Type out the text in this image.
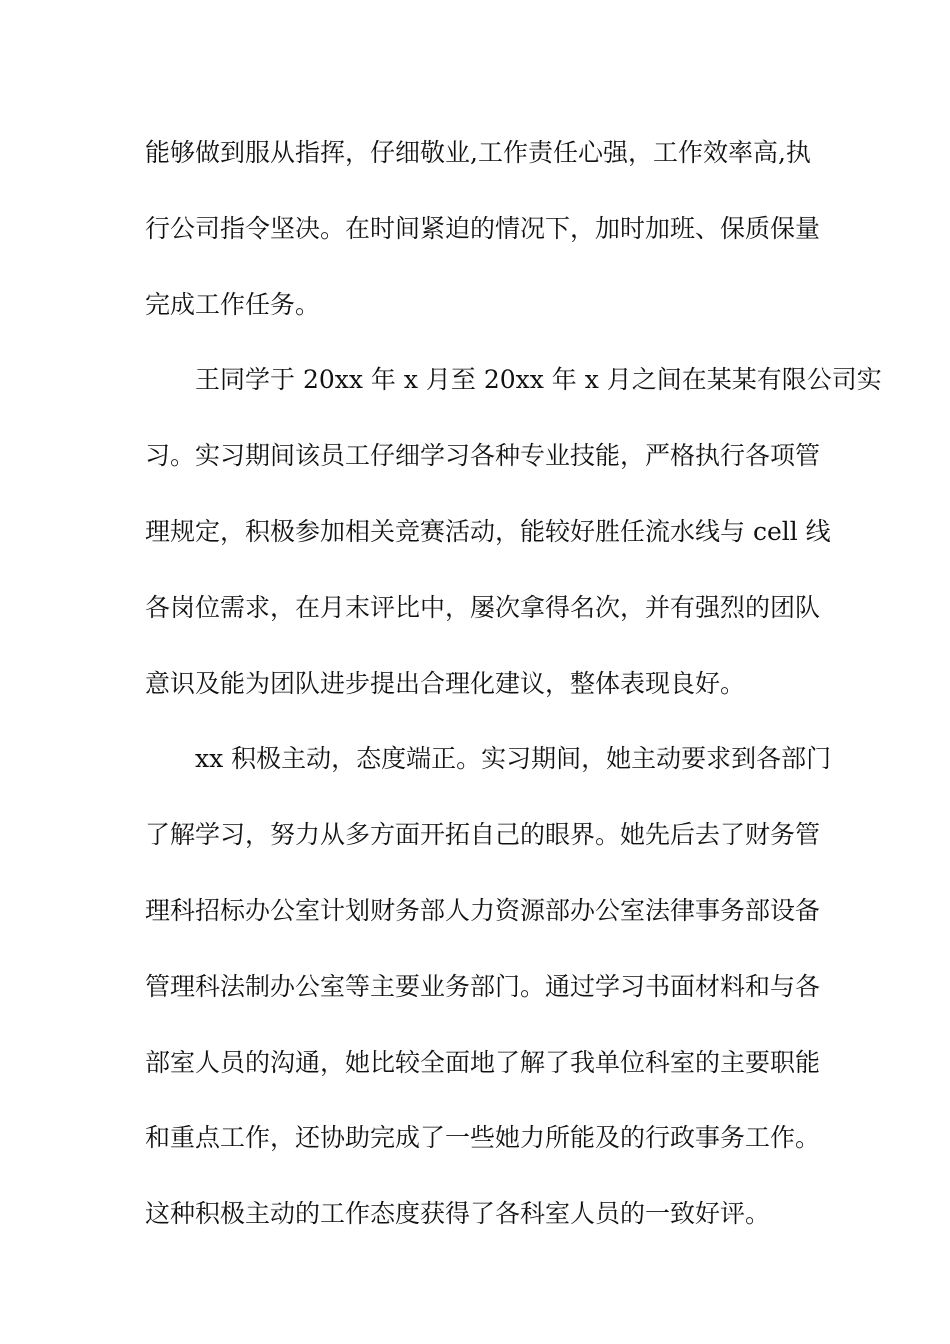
能够做到服从指挥，仔细敬业,工作责任心强，工作效率高,执
行公司指令坚决。在时间紧迫的情况下，加时加班、保质保量
完成工作任务。
王同学于 20xx 年 x 月至 20xx 年 x 月之间在某某有限公司实
习。实习期间该员工仔细学习各种专业技能，严格执行各项管
理规定，积极参加相关竞赛活动，能较好胜任流水线与 cell 线
各岗位需求，在月末评比中，屡次拿得名次，并有强烈的团队
意识及能为团队进步提出合理化建议，整体表现良好。
xx 积极主动，态度端正。实习期间，她主动要求到各部门
了解学习，努力从多方面开拓自己的眼界。她先后去了财务管
理科招标办公室计划财务部人力资源部办公室法律事务部设备
管理科法制办公室等主要业务部门。通过学习书面材料和与各
部室人员的沟通，她比较全面地了解了我单位科室的主要职能
和重点工作，还协助完成了一些她力所能及的行政事务工作。
这种积极主动的工作态度获得了各科室人员的一致好评。
